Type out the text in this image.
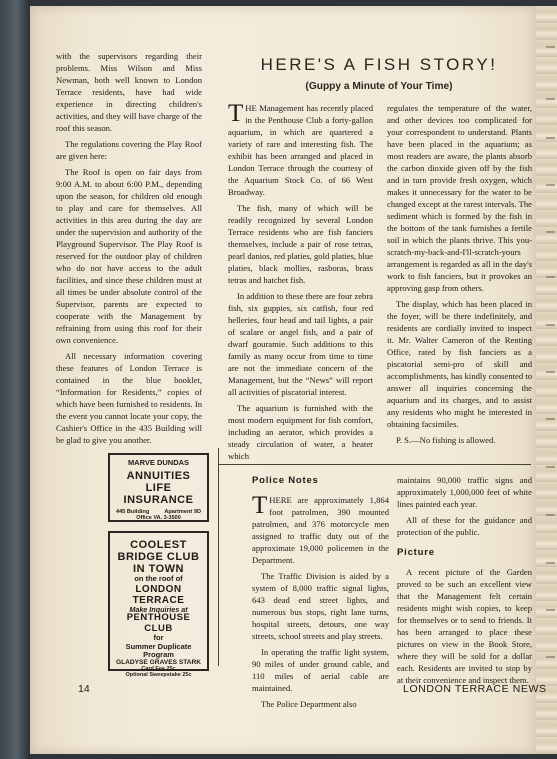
with the supervisors regarding their problems. Miss Wilson and Miss Newman, both well known to London Terrace residents, have had wide experience in directing children's activities, and they will have charge of the roof this season.

The regulations covering the Play Roof are given here:

The Roof is open on fair days from 9:00 A.M. to about 6:00 P.M., depending upon the season, for children old enough to play and care for themselves. All activities in this area during the day are under the supervision and authority of the Playground Supervisor. The Play Roof is reserved for the outdoor play of children who do not have access to the adult facilities, and since these children must at all times be under absolute control of the Supervisor, parents are expected to cooperate with the Management by refraining from using this roof for their own convenience.

All necessary information covering these features of London Terrace is contained in the blue booklet, “Information for Residents,” copies of which have been furnished to residents. In the event you cannot locate your copy, the Cashier's Office in the 435 Building will be glad to give you another.

HERE'S A FISH STORY!
(Guppy a Minute of Your Time)

THE Management has recently placed in the Penthouse Club a forty-gallon aquarium, in which are quartered a variety of rare and interesting fish. The exhibit has been arranged and placed in London Terrace through the courtesy of the Aquarium Stock Co. of 66 West Broadway.

The fish, many of which will be readily recognized by several London Terrace residents who are fish fanciers themselves, include a pair of rose tetras, pearl danios, red platies, gold platies, blue platies, black mollies, rasboras, brass tetras and hatchet fish.

In addition to these there are four zebra fish, six guppies, six catfish, four red helleries, four head and tail lights, a pair of scalare or angel fish, and a pair of dwarf gouramie. Such additions to this family as many occur from time to time are not the immediate concern of the Management, but the “News” will report all activities of piscatorial interest.

The aquarium is furnished with the most modern equipment for fish comfort, including an aerator, which provides a steady circulation of water, a heater which

regulates the temperature of the water, and other devices too complicated for your correspondent to understand. Plants have been placed in the aquarium; as most readers are aware, the plants absorb the carbon dioxide given off by the fish and in turn provide fresh oxygen, which makes it unnecessary for the water to be changed except at the rarest intervals. The sediment which is formed by the fish in the bottom of the tank furnishes a fertile soil in which the plants thrive. This you-scratch-my-back-and-I'll-scratch-yours arrangement is regarded as all in the day's work to fish fanciers, but it provokes an approving gasp from others.

The display, which has been placed in the foyer, will be there indefinitely, and residents are cordially invited to inspect it. Mr. Walter Cameron of the Renting Office, rated by fish fanciers as a piscatorial semi-pro of skill and accomplishments, has kindly consented to answer all inquiries concerning the aquarium and its charges, and to assist any residents who might be interested in obtaining facsimiles.

P. S.—No fishing is allowed.

MARVE DUNDAS
ANNUITIES
LIFE INSURANCE
445 Building	Apartment 9D
Office VA. 3-3500
COOLEST
BRIDGE CLUB
IN TOWN
on the roof of
LONDON TERRACE
Make Inquiries at
PENTHOUSE CLUB
for
Summer Duplicate Program
GLADYSE GRAVES STARK
Card Fee 25c
Optional Sweepstake 25c
Police Notes

THERE are approximately 1,864 foot patrolmen, 390 mounted patrolmen, and 376 motorcycle men assigned to traffic duty out of the approximate 19,000 policemen in the Department.

The Traffic Division is aided by a system of 8,000 traffic signal lights, 643 dead end street lights, and numerous bus stops, right lane turns, hospital streets, detours, one way streets, school streets and play streets.

In operating the traffic light system, 90 miles of under ground cable, and 110 miles of aerial cable are maintained.

The Police Department also

maintains 90,000 traffic signs and approximately 1,000,000 feet of white lines painted each year.

All of these for the guidance and protection of the public.

Picture

A recent picture of the Garden proved to be such an excellent view that the Management felt certain residents might wish copies, to keep for themselves or to send to friends. It has been arranged to place these pictures on view in the Book Store, where they will be sold for a dollar each. Residents are invited to stop by at their convenience and inspect them.

14	LONDON TERRACE NEWS
